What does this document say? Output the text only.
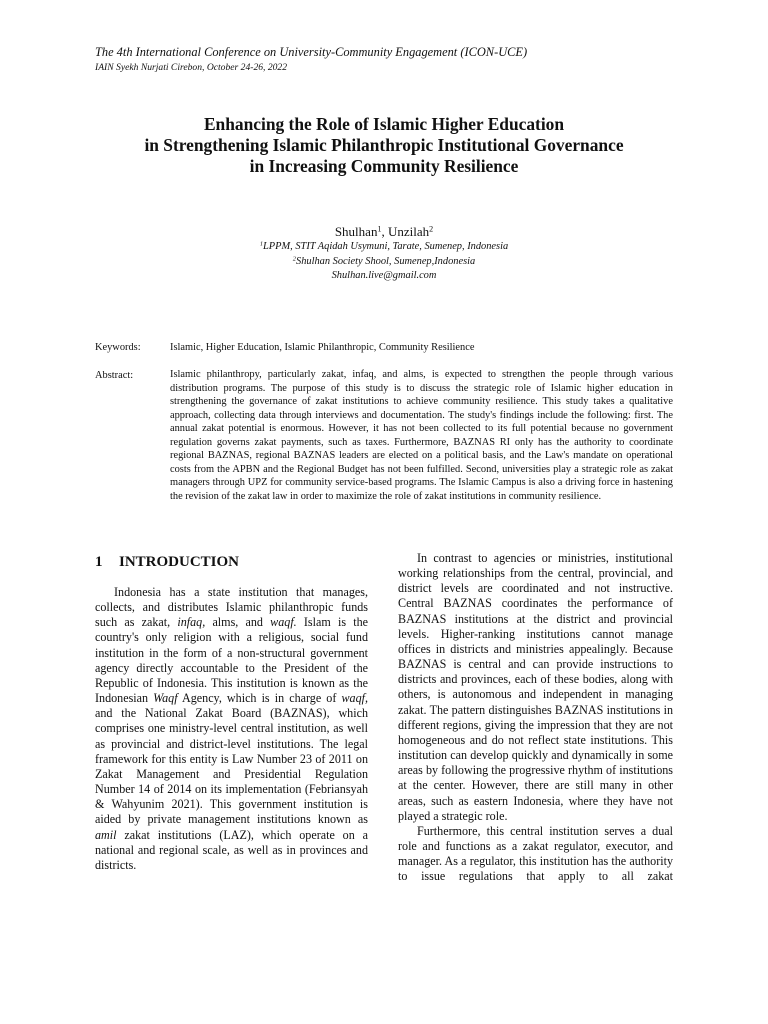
The 4th International Conference on University-Community Engagement (ICON-UCE)
IAIN Syekh Nurjati Cirebon, October 24-26, 2022
Enhancing the Role of Islamic Higher Education
in Strengthening Islamic Philanthropic Institutional Governance
in Increasing Community Resilience
Shulhan$^1$, Unzilah$^2$
$^1$LPPM, STIT Aqidah Usymuni, Tarate, Sumenep, Indonesia
$^2$Shulhan Society Shool, Sumenep,Indonesia
Shulhan.live@gmail.com
Keywords:	Islamic, Higher Education, Islamic Philanthropic, Community Resilience
Abstract:	Islamic philanthropy, particularly zakat, infaq, and alms, is expected to strengthen the people through various distribution programs. The purpose of this study is to discuss the strategic role of Islamic higher education in strengthening the governance of zakat institutions to achieve community resilience. This study takes a qualitative approach, collecting data through interviews and documentation. The study's findings include the following: first. The annual zakat potential is enormous. However, it has not been collected to its full potential because no government regulation governs zakat payments, such as taxes. Furthermore, BAZNAS RI only has the authority to coordinate regional BAZNAS, regional BAZNAS leaders are elected on a political basis, and the Law's mandate on operational costs from the APBN and the Regional Budget has not been fulfilled. Second, universities play a strategic role as zakat managers through UPZ for community service-based programs. The Islamic Campus is also a driving force in hastening the revision of the zakat law in order to maximize the role of zakat institutions in community resilience.
1 INTRODUCTION

Indonesia has a state institution that manages, collects, and distributes Islamic philanthropic funds such as zakat, infaq, alms, and waqf. Islam is the country's only religion with a religious, social fund institution in the form of a non-structural government agency directly accountable to the President of the Republic of Indonesia. This institution is known as the Indonesian Waqf Agency, which is in charge of waqf, and the National Zakat Board (BAZNAS), which comprises one ministry-level central institution, as well as provincial and district-level institutions. The legal framework for this entity is Law Number 23 of 2011 on Zakat Management and Presidential Regulation Number 14 of 2014 on its implementation (Febriansyah & Wahyunim 2021). This government institution is aided by private management institutions known as amil zakat institutions (LAZ), which operate on a national and regional scale, as well as in provinces and districts.

In contrast to agencies or ministries, institutional working relationships from the central, provincial, and district levels are coordinated and not instructive. Central BAZNAS coordinates the performance of BAZNAS institutions at the district and provincial levels. Higher-ranking institutions cannot manage offices in districts and ministries appealingly. Because BAZNAS is central and can provide instructions to districts and provinces, each of these bodies, along with others, is autonomous and independent in managing zakat. The pattern distinguishes BAZNAS institutions in different regions, giving the impression that they are not homogeneous and do not reflect state institutions. This institution can develop quickly and dynamically in some areas by following the progressive rhythm of institutions at the center. However, there are still many in other areas, such as eastern Indonesia, where they have not played a strategic role.

Furthermore, this central institution serves a dual role and functions as a zakat regulator, executor, and manager. As a regulator, this institution has the authority to issue regulations that apply to all zakat
